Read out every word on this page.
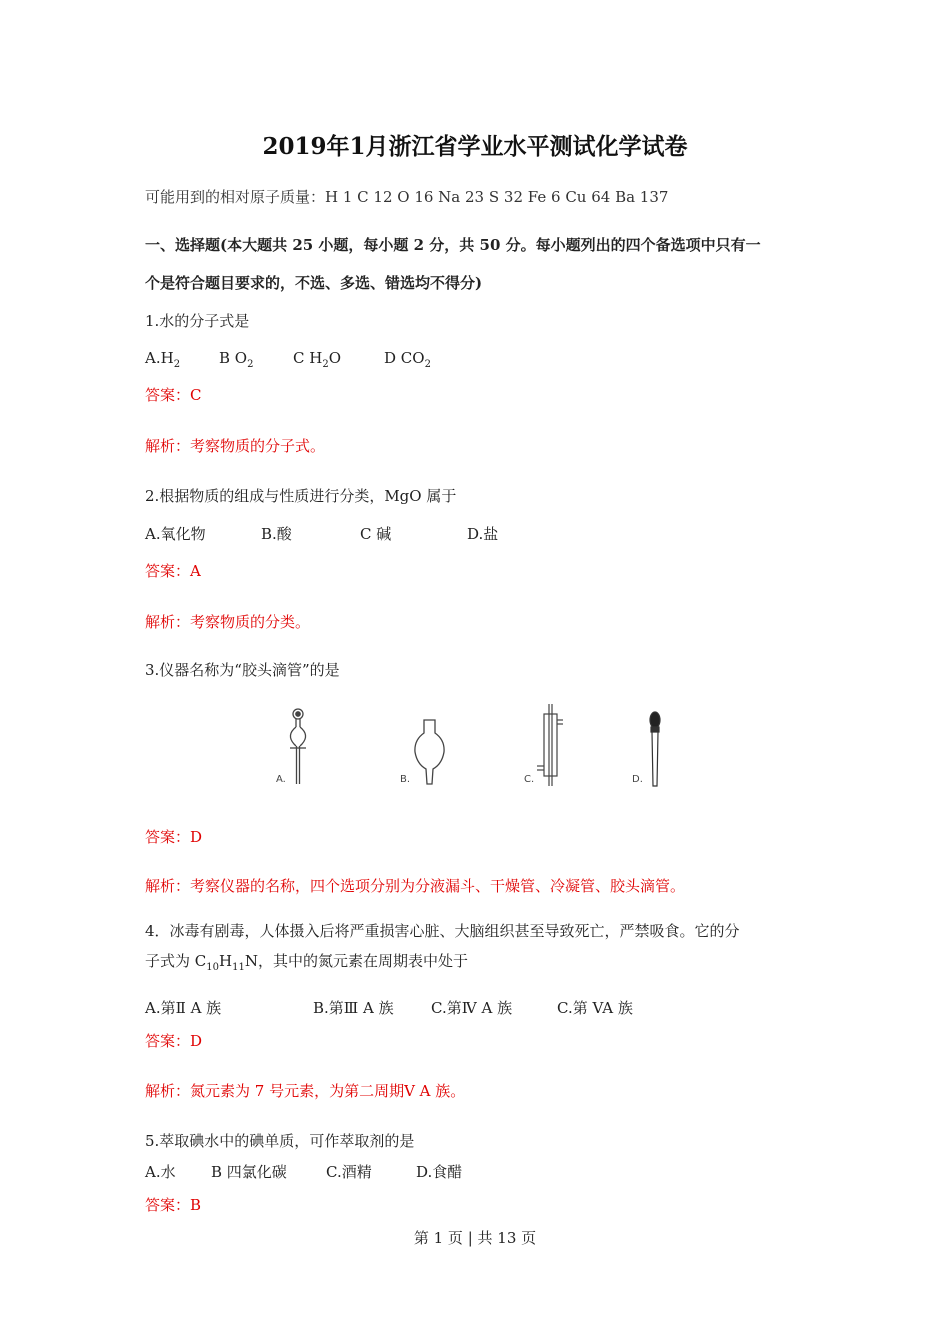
2019年1月浙江省学业水平测试化学试卷
可能用到的相对原子质量：H 1 C 12 O 16 Na 23 S 32 Fe 6 Cu 64 Ba 137
一、选择题(本大题共 25 小题，每小题 2 分，共 50 分。每小题列出的四个备选项中只有一
个是符合题目要求的，不选、多选、错选均不得分)
1.水的分子式是
$A.H_2$	B $O_2$	C $H_2O$	D $CO_2$
答案：C
解析：考察物质的分子式。
2.根据物质的组成与性质进行分类，MgO 属于
A.氧化物	B.酸	C 碱	D.盐
答案：A
解析：考察物质的分类。
3.仪器名称为“胶头滴管”的是
A.	B.	C.	D.
答案：D
解析：考察仪器的名称，四个选项分别为分液漏斗、干燥管、冷凝管、胶头滴管。
4．冰毒有剧毒，人体摄入后将严重损害心脏、大脑组织甚至导致死亡，严禁吸食。它的分
子式为 $C_{10}H_{11}N$，其中的氮元素在周期表中处于
A.第Ⅱ A 族	B.第Ⅲ A 族 C.第Ⅳ A 族	C.第 VA 族
答案：D
解析：氮元素为 7 号元素，为第二周期Ⅴ A 族。
5.萃取碘水中的碘单质，可作萃取剂的是
A.水 B 四氯化碳	C.酒精	D.食醋
答案：B
第 1 页 | 共 13 页
